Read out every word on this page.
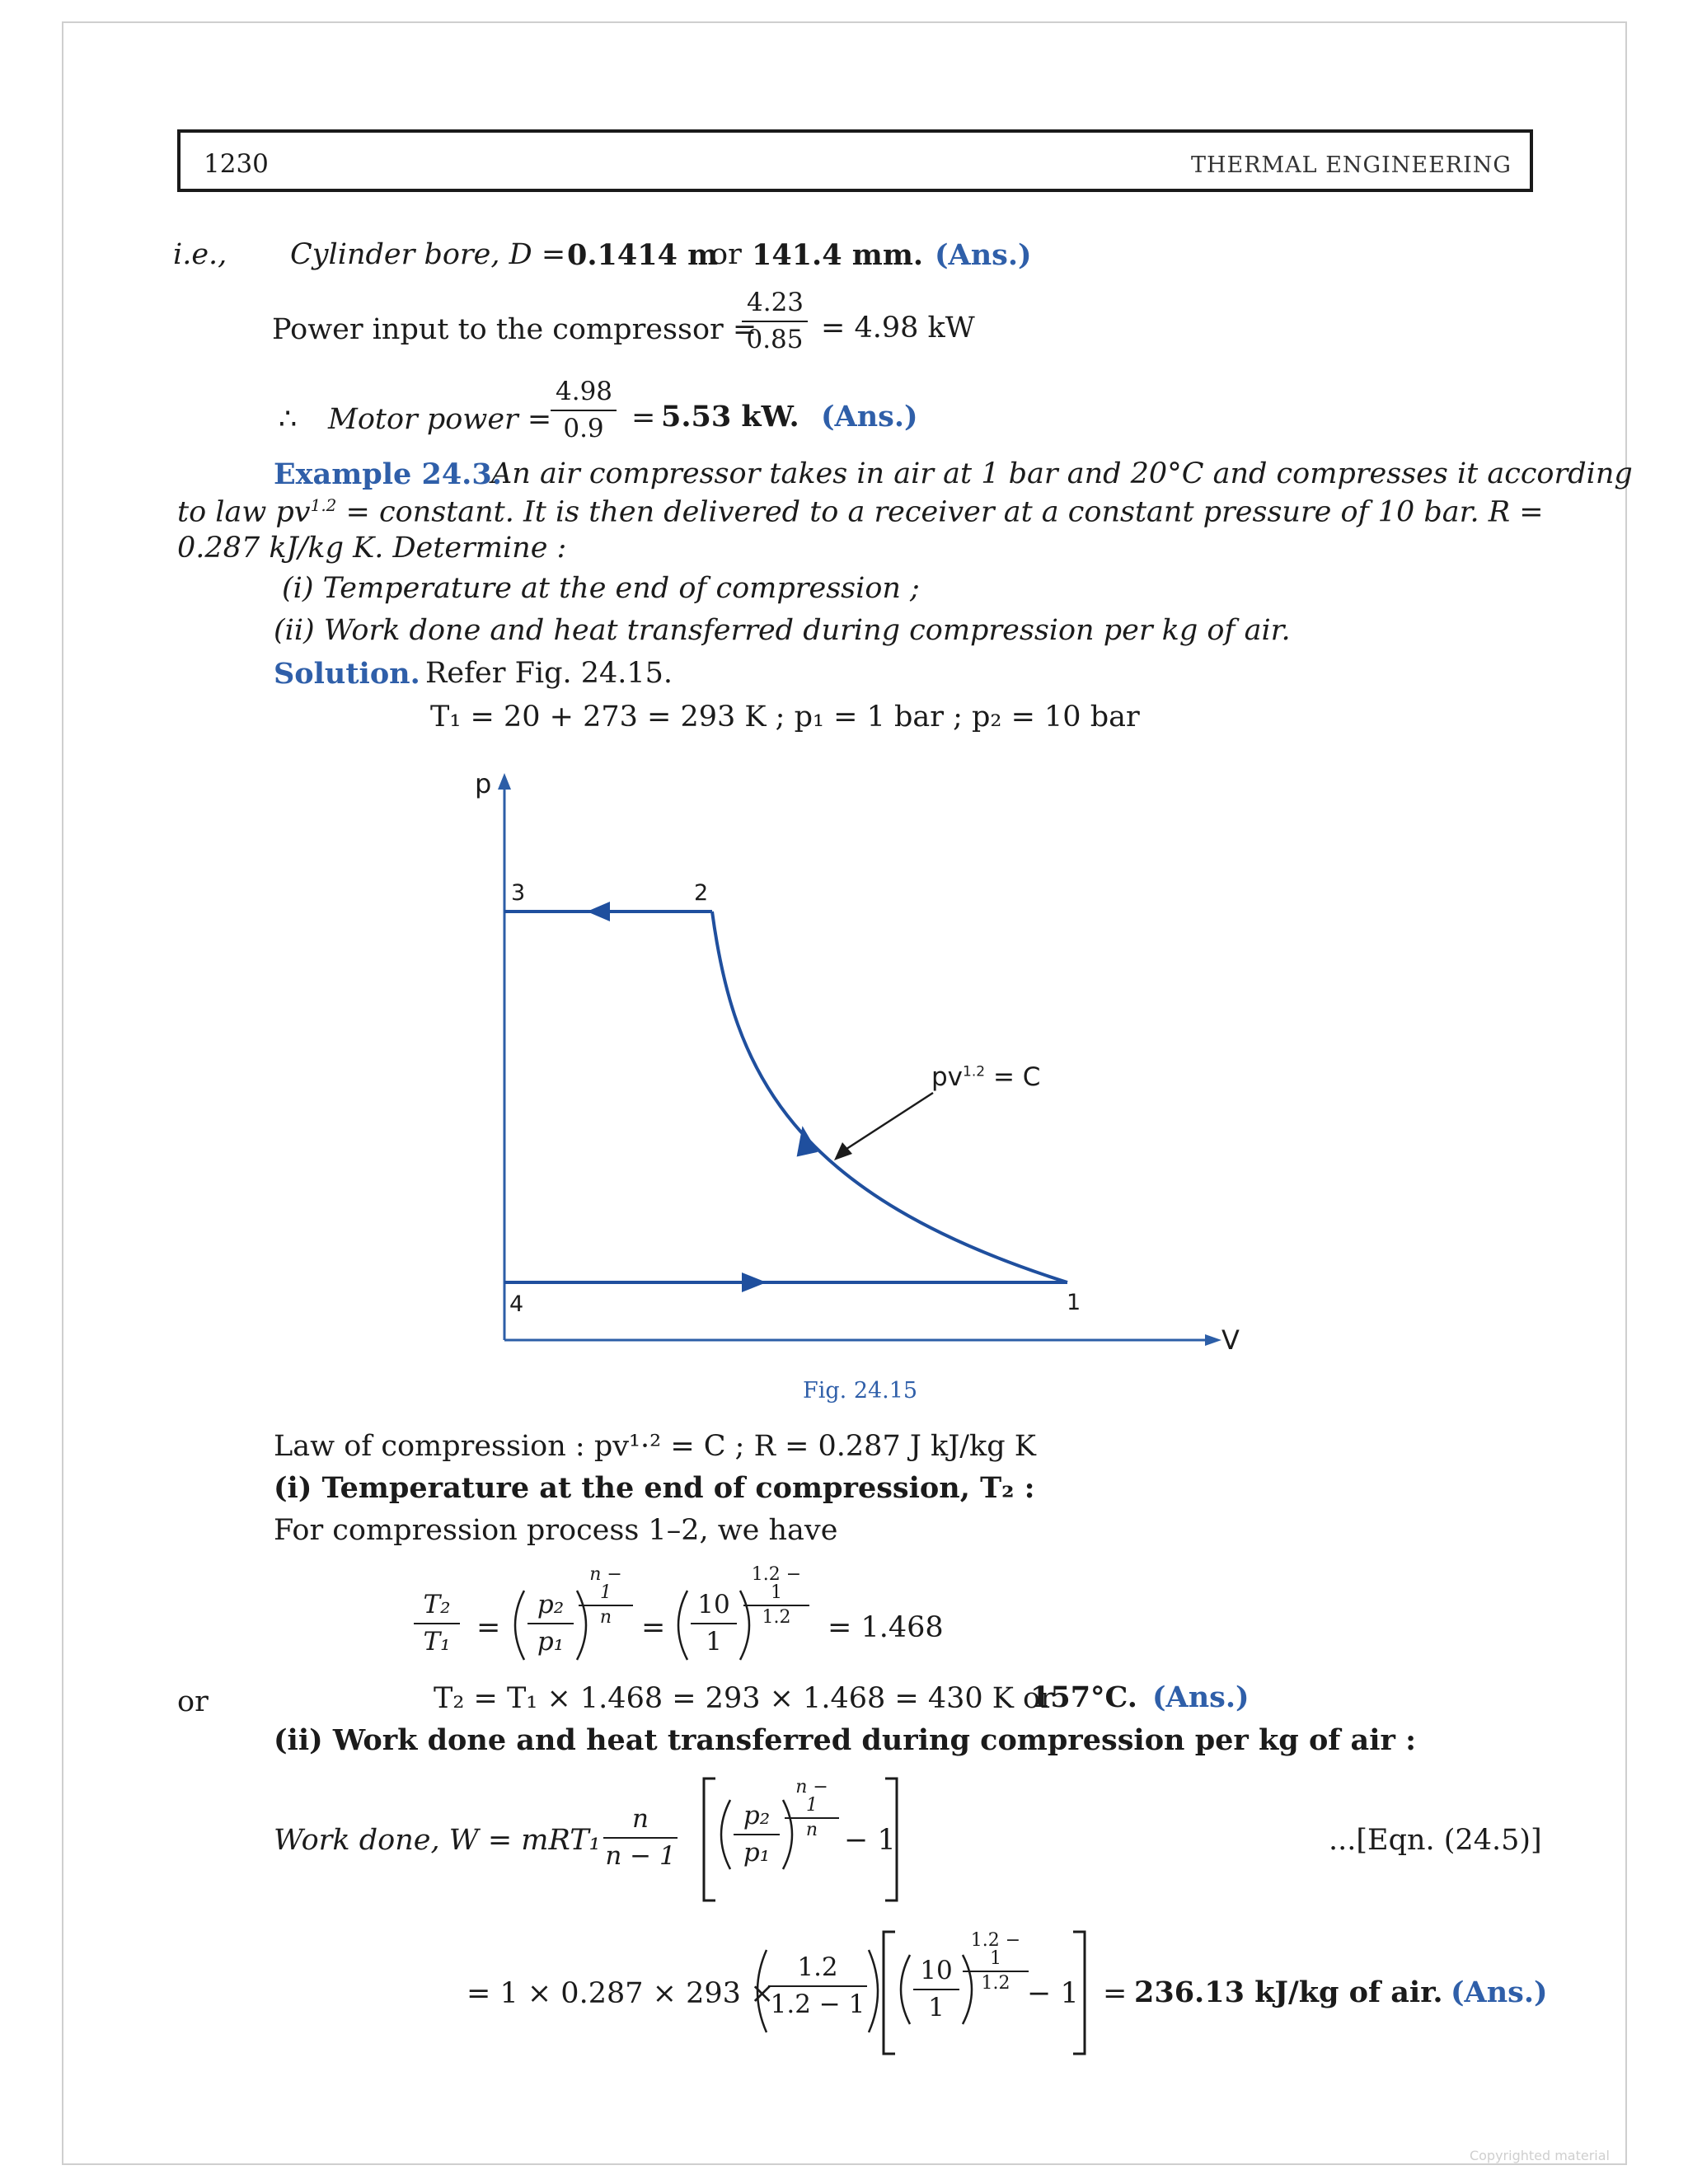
1230	THERMAL ENGINEERING
i.e., Cylinder bore, D = 0.1414 m
or 141.4 mm. (Ans.)
Power input to the compressor =
$\frac{4.23}{0.85} = 4.98$ kW
∴ Motor power =
$\frac{4.98}{0.9} = 5.53$ kW. (Ans.)
Example 24.3.
An air compressor takes in air at 1 bar and 20°C and compresses it according
to law $pv^{1.2}$ = constant. It is then delivered to a receiver at a constant pressure of 10 bar. R =
0.287 kJ/kg K. Determine :
(i) Temperature at the end of compression ;
(ii) Work done and heat transferred during compression per kg of air.
Solution. Refer Fig. 24.15.
T₁ = 20 + 273 = 293 K ; p₁ = 1 bar ; p₂ = 10 bar
p
V
3	2
4	1
$pv^{1.2} = C$
Fig. 24.15
Law of compression : pv¹·² = C ; R = 0.287 J kJ/kg K
(i) Temperature at the end of compression, T₂ :
For compression process 1–2, we have
$\frac{\text{T₂}}{\text{T₁}} = \frac{\text{p₂}}{\text{p₁}} \frac{n - 1}{n}$
= $\frac{10}{1} \frac{1.2 - 1}{1.2}$
= 1.468
or	T₂ = T₁ × 1.468 = 293 × 1.468 = 430 K or
157°C. (Ans.)
(ii) Work done and heat transferred during compression per kg of air :
Work done, $W = mRT_1 \frac{n}{n - 1} \frac{\text{p₂}}{\text{p₁}} \frac{n - 1}{n}$
− 1	...[Eqn. (24.5)]
= 1 × 0.287 × 293 ×
$\frac{1.2}{1.2 - 1} \frac{10}{1} \frac{1.2 - 1}{1.2}$
− 1 = 236.13 kJ/kg of air. (Ans.)
Copyrighted material
